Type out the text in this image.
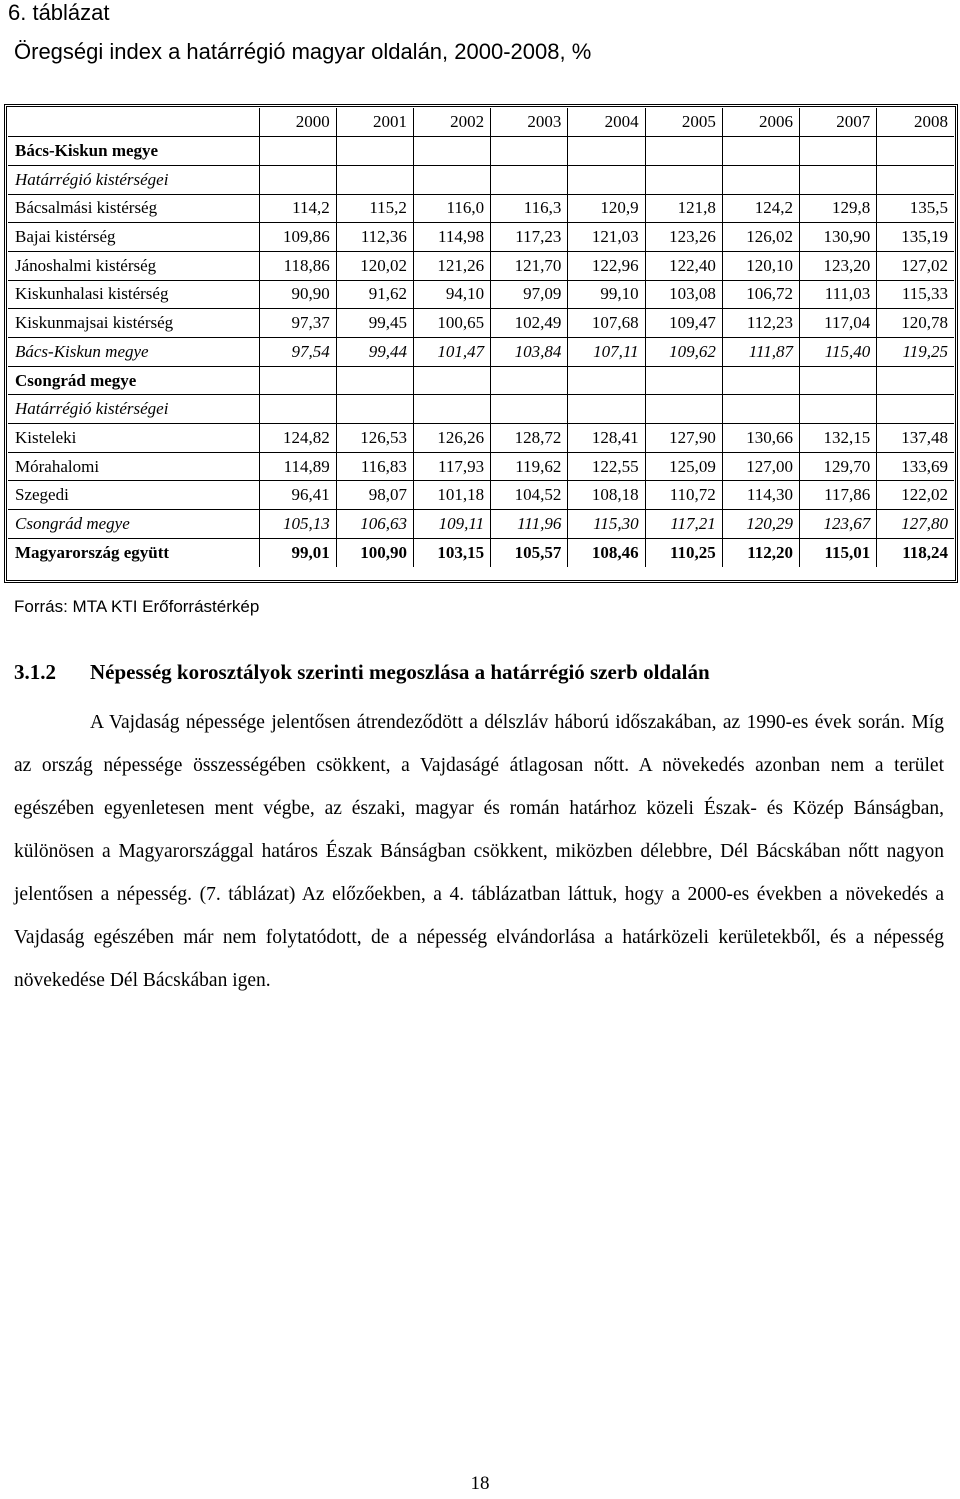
6. táblázat
Öregségi index a határrégió magyar oldalán, 2000-2008, %
	2000	2001	2002	2003	2004	2005	2006	2007	2008
Bács-Kiskun megye									
Határrégió kistérségei									
Bácsalmási kistérség	114,2	115,2	116,0	116,3	120,9	121,8	124,2	129,8	135,5
Bajai kistérség	109,86	112,36	114,98	117,23	121,03	123,26	126,02	130,90	135,19
Jánoshalmi kistérség	118,86	120,02	121,26	121,70	122,96	122,40	120,10	123,20	127,02
Kiskunhalasi kistérség	90,90	91,62	94,10	97,09	99,10	103,08	106,72	111,03	115,33
Kiskunmajsai kistérség	97,37	99,45	100,65	102,49	107,68	109,47	112,23	117,04	120,78
Bács-Kiskun megye	97,54	99,44	101,47	103,84	107,11	109,62	111,87	115,40	119,25
Csongrád megye									
Határrégió kistérségei									
Kisteleki	124,82	126,53	126,26	128,72	128,41	127,90	130,66	132,15	137,48
Mórahalomi	114,89	116,83	117,93	119,62	122,55	125,09	127,00	129,70	133,69
Szegedi	96,41	98,07	101,18	104,52	108,18	110,72	114,30	117,86	122,02
Csongrád megye	105,13	106,63	109,11	111,96	115,30	117,21	120,29	123,67	127,80
Magyarország együtt	99,01	100,90	103,15	105,57	108,46	110,25	112,20	115,01	118,24
Forrás: MTA KTI Erőforrástérkép
3.1.2 Népesség korosztályok szerinti megoszlása a határrégió szerb oldalán

A Vajdaság népessége jelentősen átrendeződött a délszláv háború időszakában, az 1990-es évek során. Míg az ország népessége összességében csökkent, a Vajdaságé átlagosan nőtt. A növekedés azonban nem a terület egészében egyenletesen ment végbe, az északi, magyar és román határhoz közeli Észak- és Közép Bánságban, különösen a Magyarországgal határos Észak Bánságban csökkent, miközben délebbre, Dél Bácskában nőtt nagyon jelentősen a népesség. (7. táblázat) Az előzőekben, a 4. táblázatban láttuk, hogy a 2000-es években a növekedés a Vajdaság egészében már nem folytatódott, de a népesség elvándorlása a határközeli kerületekből, és a népesség növekedése Dél Bácskában igen.

18
